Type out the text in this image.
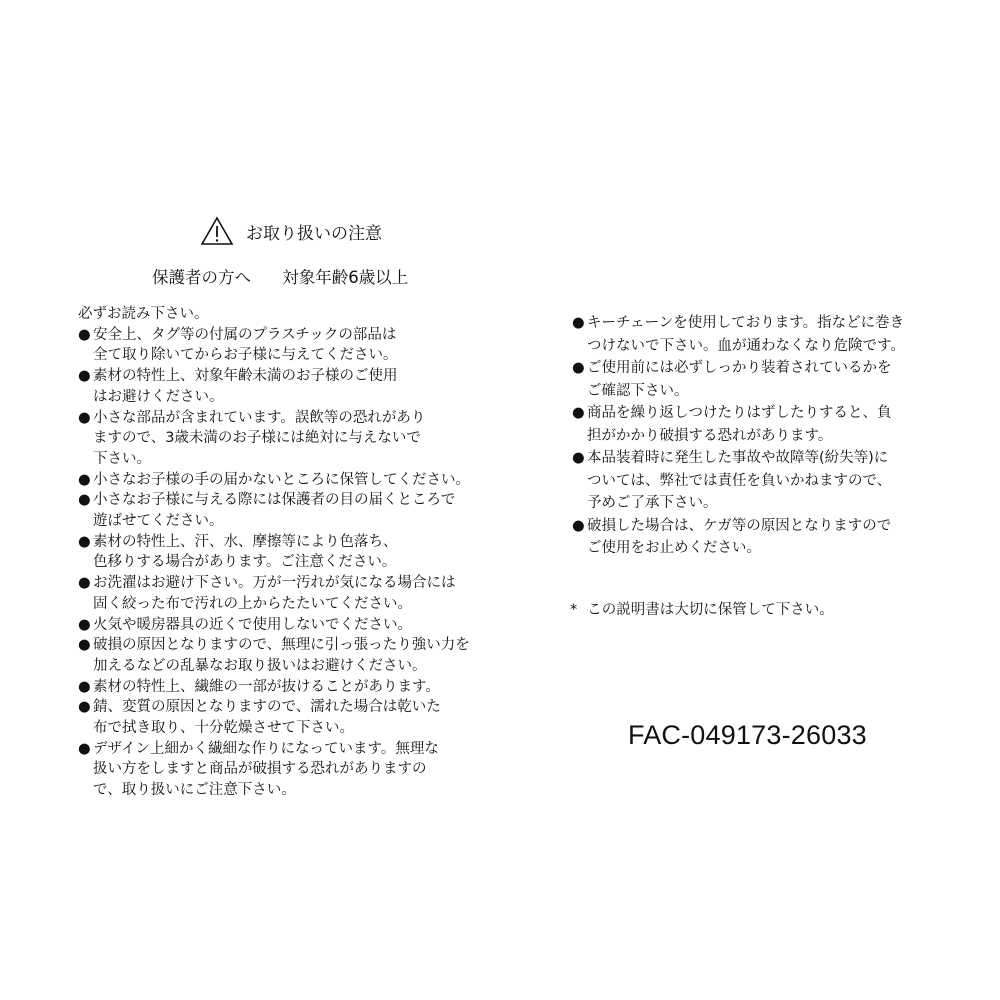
お取り扱いの注意
保護者の方へ 対象年齢6歳以上
必ずお読み下さい。
● 安全上、タグ等の付属のプラスチックの部品は
全て取り除いてからお子様に与えてください。
● 素材の特性上、対象年齢未満のお子様のご使用
はお避けください。
● 小さな部品が含まれています。誤飲等の恐れがあり
ますので、3歳未満のお子様には絶対に与えないで
下さい。
● 小さなお子様の手の届かないところに保管してください。
● 小さなお子様に与える際には保護者の目の届くところで
遊ばせてください。
● 素材の特性上、汗、水、摩擦等により色落ち、
色移りする場合があります。ご注意ください。
● お洗濯はお避け下さい。万が一汚れが気になる場合には
固く絞った布で汚れの上からたたいてください。
● 火気や暖房器具の近くで使用しないでください。
● 破損の原因となりますので、無理に引っ張ったり強い力を
加えるなどの乱暴なお取り扱いはお避けください。
● 素材の特性上、繊維の一部が抜けることがあります。
● 錆、変質の原因となりますので、濡れた場合は乾いた
布で拭き取り、十分乾燥させて下さい。
● デザイン上細かく繊細な作りになっています。無理な
扱い方をしますと商品が破損する恐れがありますの
で、取り扱いにご注意下さい。
● キーチェーンを使用しております。指などに巻き
つけないで下さい。血が通わなくなり危険です。
● ご使用前には必ずしっかり装着されているかを
ご確認下さい。
● 商品を繰り返しつけたりはずしたりすると、負
担がかかり破損する恐れがあります。
● 本品装着時に発生した事故や故障等(紛失等)に
ついては、弊社では責任を負いかねますので、
予めご了承下さい。
● 破損した場合は、ケガ等の原因となりますので
ご使用をお止めください。
* この説明書は大切に保管して下さい。
FAC-049173-26033
